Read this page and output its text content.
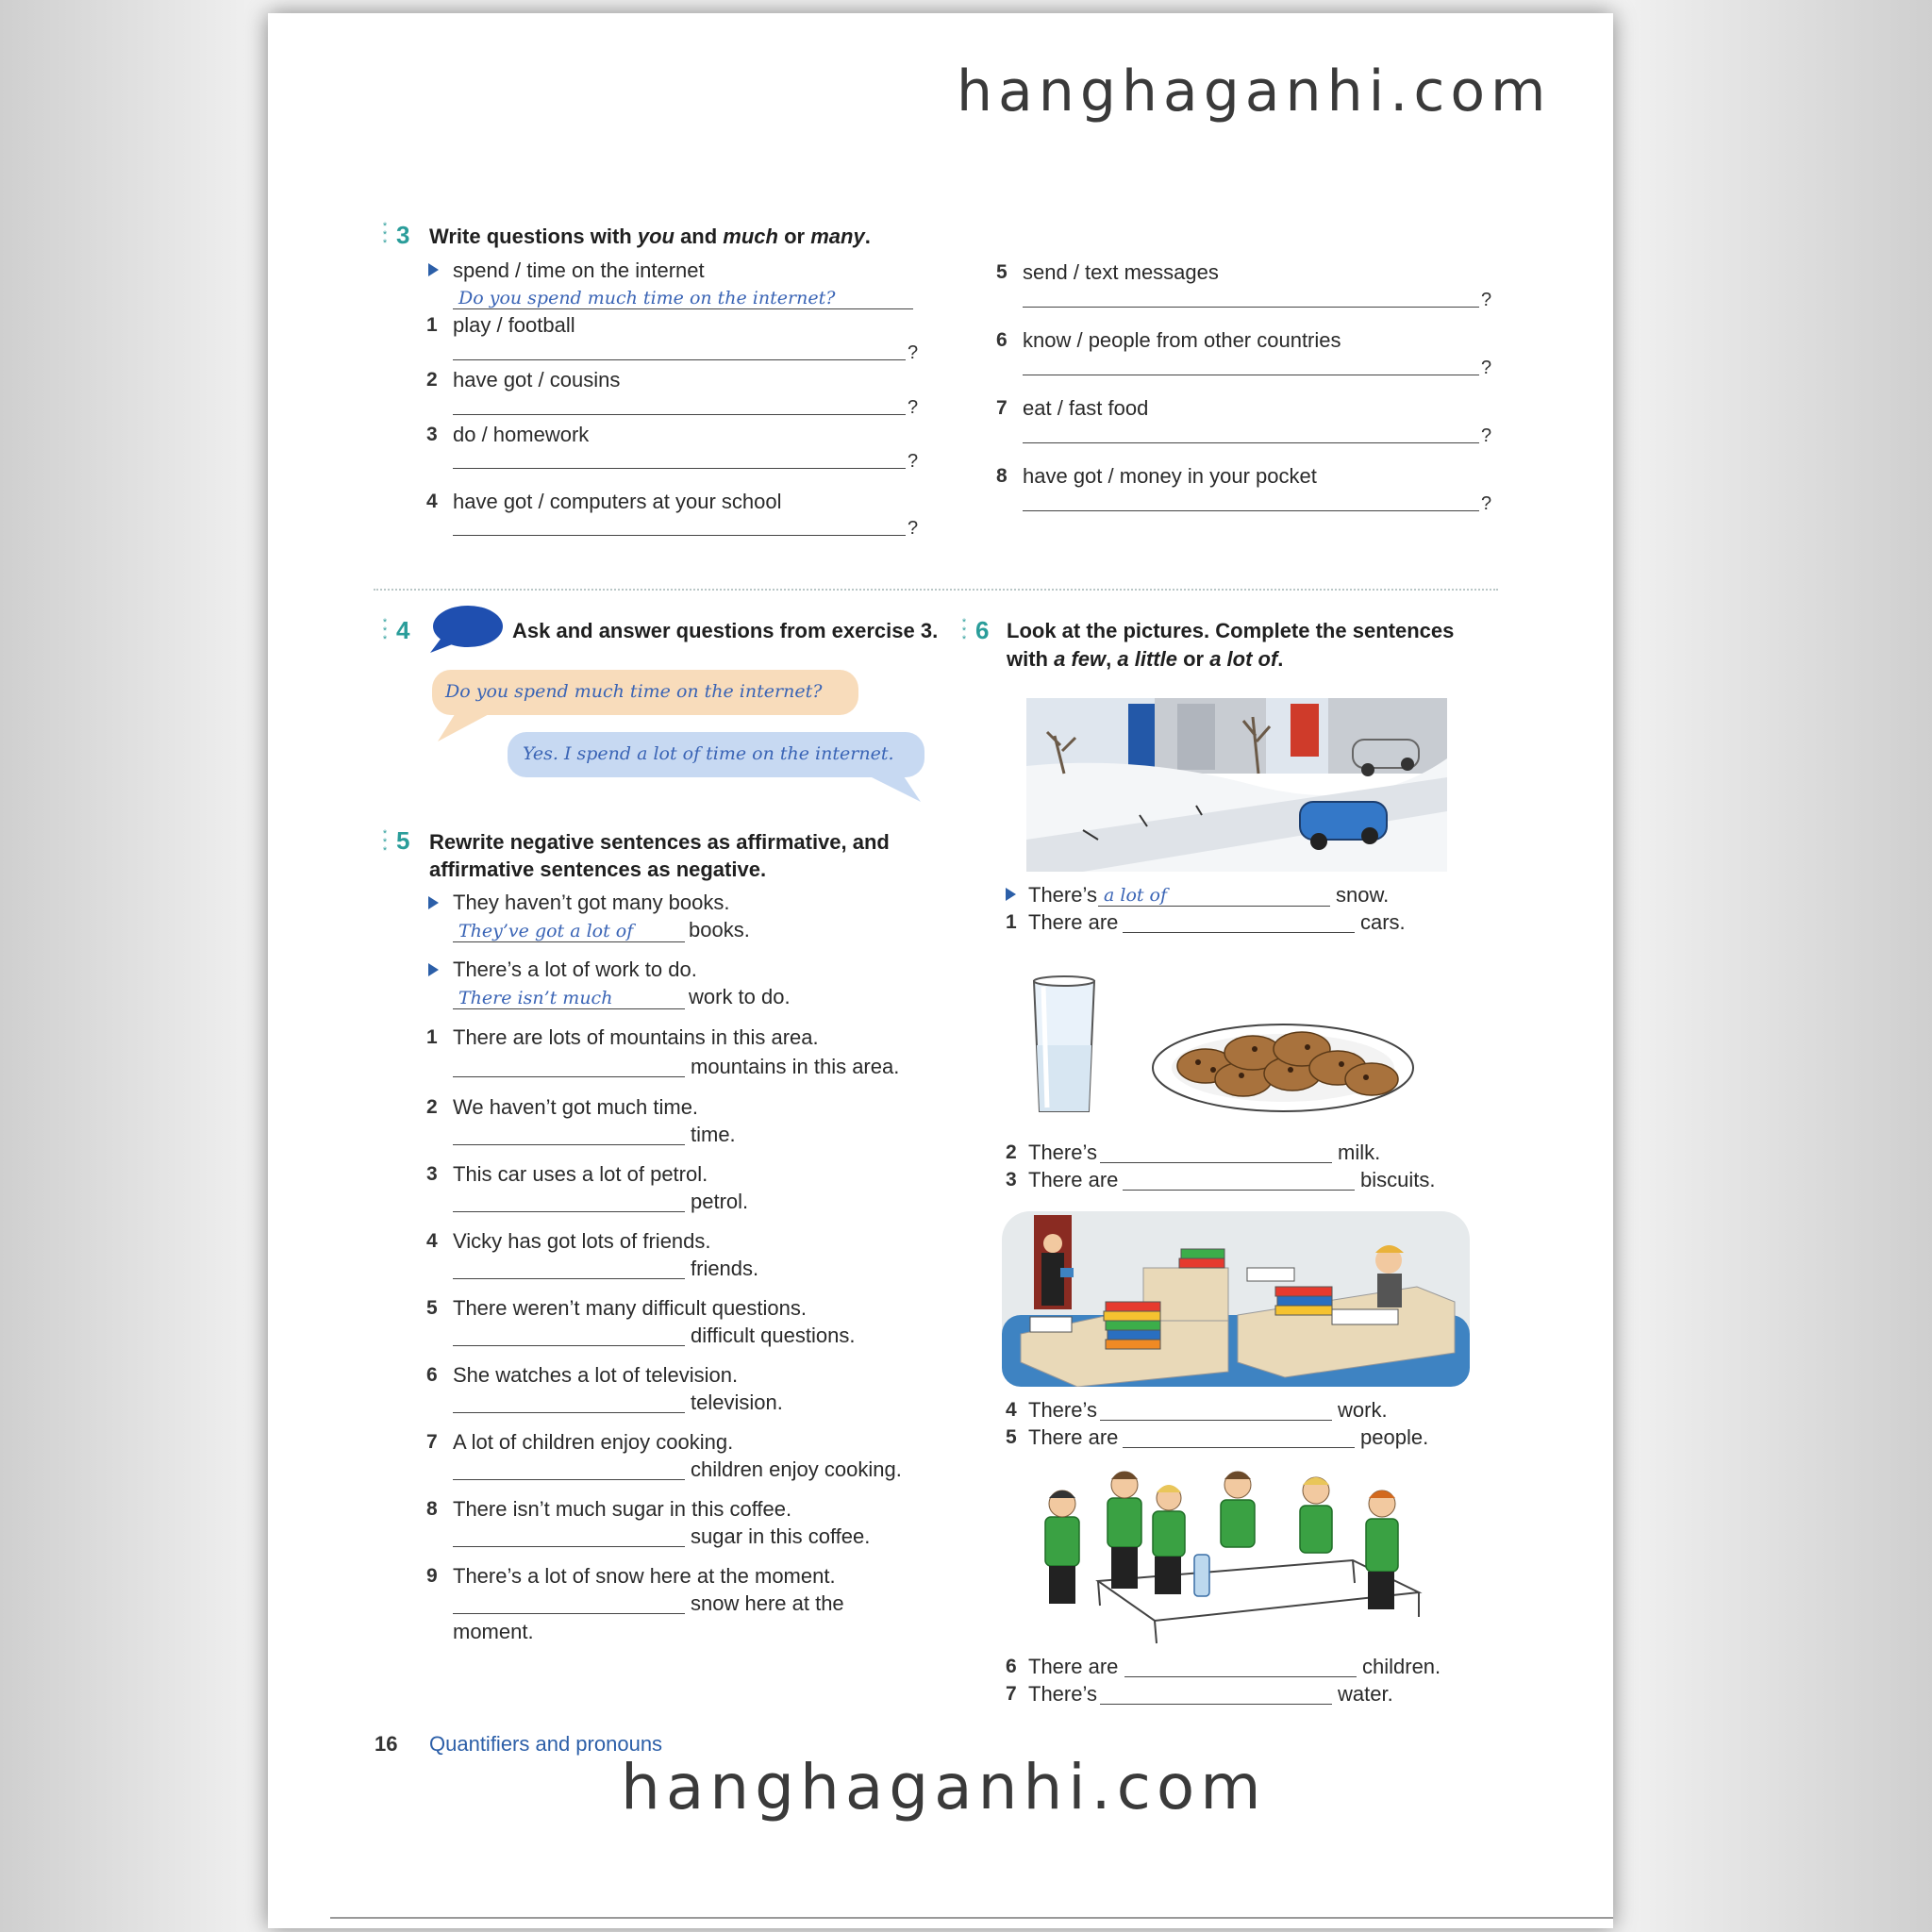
hanghaganhi.com
hanghaganhi.com
*
*
* 3 Write questions with you and much or many.
spend / time on the internet
Do you spend much time on the internet?
1 play / football
?
2 have got / cousins
?
3 do / homework
?
4 have got / computers at your school
?
5 send / text messages
?
6 know / people from other countries
?
7 eat / fast food
?
8 have got / money in your pocket
?
*
*
* 4	Ask and answer questions from exercise 3.
Do you spend much time on the internet?
Yes. I spend a lot of time on the internet.
*
*
* 5 Rewrite negative sentences as affirmative, and
affirmative sentences as negative.
They haven’t got many books.
They’ve got a lot of	books.
There’s a lot of work to do.
There isn’t much	work to do.
1 There are lots of mountains in this area.
mountains in this area.
2 We haven’t got much time.
time.
3 This car uses a lot of petrol.
petrol.
4 Vicky has got lots of friends.
friends.
5 There weren’t many difficult questions.
difficult questions.
6 She watches a lot of television.
television.
7 A lot of children enjoy cooking.
children enjoy cooking.
8 There isn’t much sugar in this coffee.
sugar in this coffee.
9 There’s a lot of snow here at the moment.
snow here at the
moment.
*
*
* 6 Look at the pictures. Complete the sentences
with a few, a little or a lot of.
There’s a lot of	snow.
1 There are	cars.
2 There’s	milk.
3 There are	biscuits.
4 There’s	work.
5 There are	people.
6 There are	children.
7 There’s	water.
16 Quantifiers and pronouns
